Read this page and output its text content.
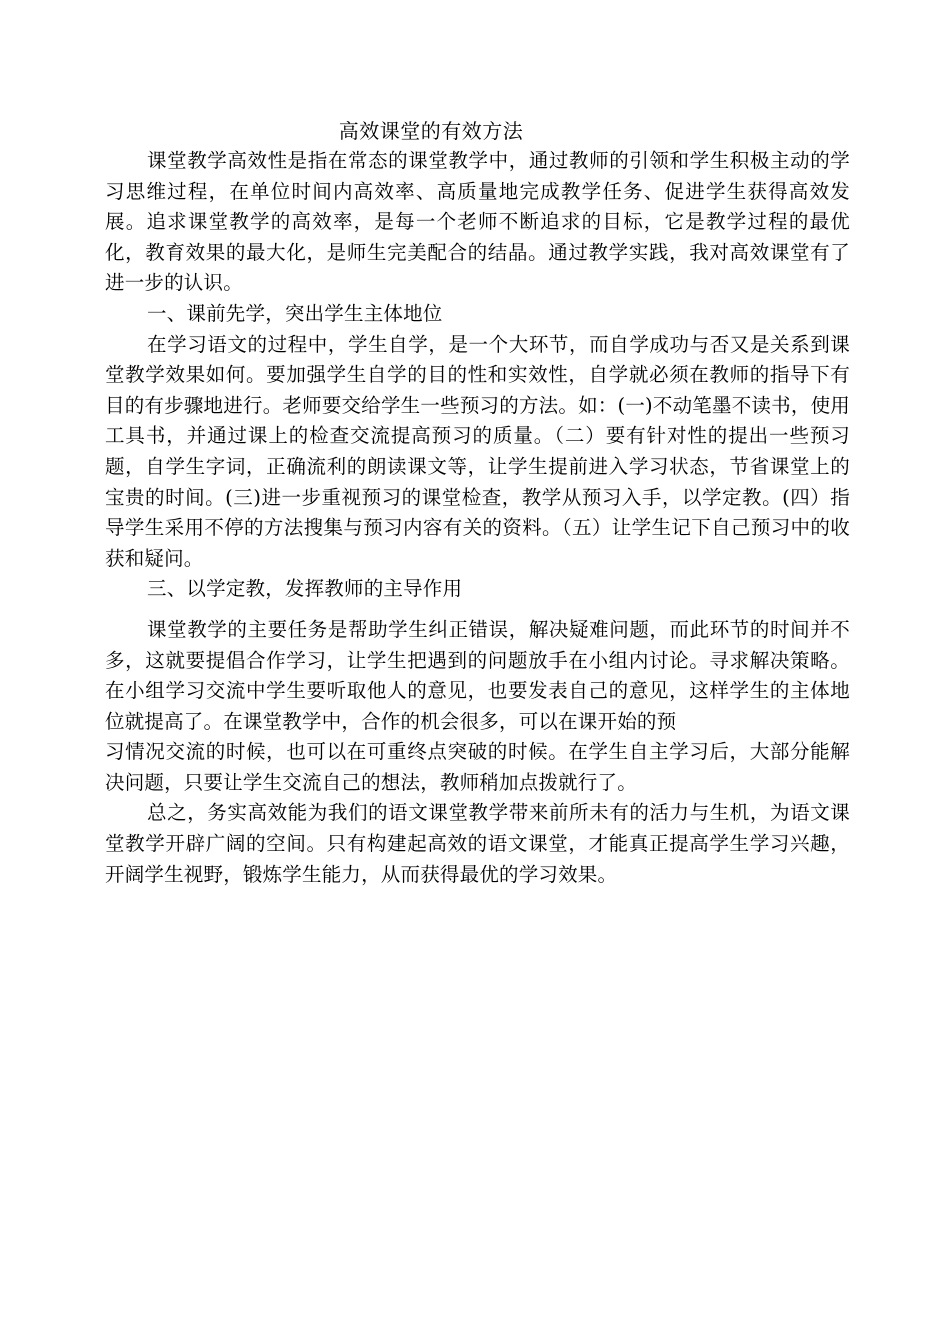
高效课堂的有效方法

课堂教学高效性是指在常态的课堂教学中，通过教师的引领和学生积极主动的学习思维过程，在单位时间内高效率、高质量地完成教学任务、促进学生获得高效发展。追求课堂教学的高效率，是每一个老师不断追求的目标，它是教学过程的最优化，教育效果的最大化，是师生完美配合的结晶。通过教学实践，我对高效课堂有了进一步的认识。

一、课前先学，突出学生主体地位

在学习语文的过程中，学生自学，是一个大环节，而自学成功与否又是关系到课堂教学效果如何。要加强学生自学的目的性和实效性，自学就必须在教师的指导下有目的有步骤地进行。老师要交给学生一些预习的方法。如：(一)不动笔墨不读书，使用工具书，并通过课上的检查交流提高预习的质量。（二）要有针对性的提出一些预习题，自学生字词，正确流利的朗读课文等，让学生提前进入学习状态，节省课堂上的宝贵的时间。(三)进一步重视预习的课堂检查，教学从预习入手，以学定教。(四）指导学生采用不停的方法搜集与预习内容有关的资料。（五）让学生记下自己预习中的收获和疑问。

三、以学定教，发挥教师的主导作用

课堂教学的主要任务是帮助学生纠正错误，解决疑难问题，而此环节的时间并不多，这就要提倡合作学习，让学生把遇到的问题放手在小组内讨论。寻求解决策略。在小组学习交流中学生要听取他人的意见，也要发表自己的意见，这样学生的主体地位就提高了。在课堂教学中，合作的机会很多，可以在课开始的预

习情况交流的时候，也可以在可重终点突破的时候。在学生自主学习后，大部分能解决问题，只要让学生交流自己的想法，教师稍加点拨就行了。

总之，务实高效能为我们的语文课堂教学带来前所未有的活力与生机，为语文课堂教学开辟广阔的空间。只有构建起高效的语文课堂，才能真正提高学生学习兴趣，开阔学生视野，锻炼学生能力，从而获得最优的学习效果。
